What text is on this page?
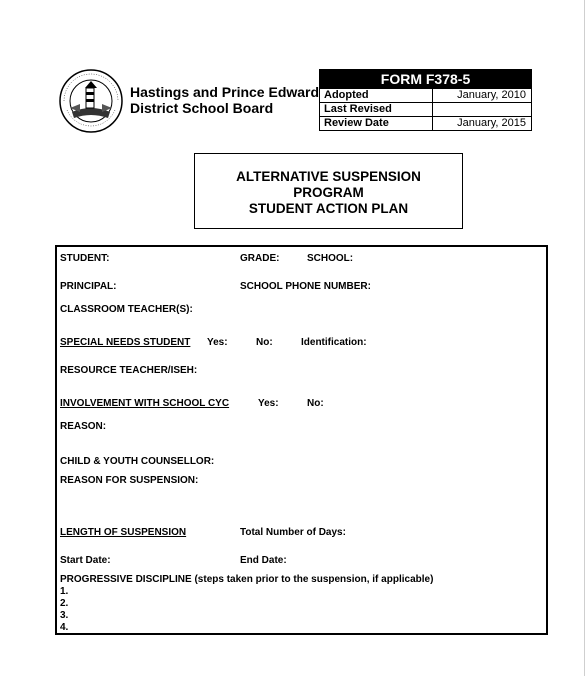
Hastings and Prince Edward
District School Board
FORM F378-5
Adopted	January, 2010
Last Revised
Review Date	January, 2015
ALTERNATIVE SUSPENSION
PROGRAM
STUDENT ACTION PLAN
STUDENT:	GRADE:	SCHOOL:
PRINCIPAL:	SCHOOL PHONE NUMBER:
CLASSROOM TEACHER(S):
SPECIAL NEEDS STUDENT Yes:	No:	Identification:
RESOURCE TEACHER/ISEH:
INVOLVEMENT WITH SCHOOL CYC	Yes:	No:
REASON:
CHILD & YOUTH COUNSELLOR:
REASON FOR SUSPENSION:
LENGTH OF SUSPENSION	Total Number of Days:
Start Date:	End Date:
PROGRESSIVE DISCIPLINE (steps taken prior to the suspension, if applicable)
1.
2.
3.
4.
